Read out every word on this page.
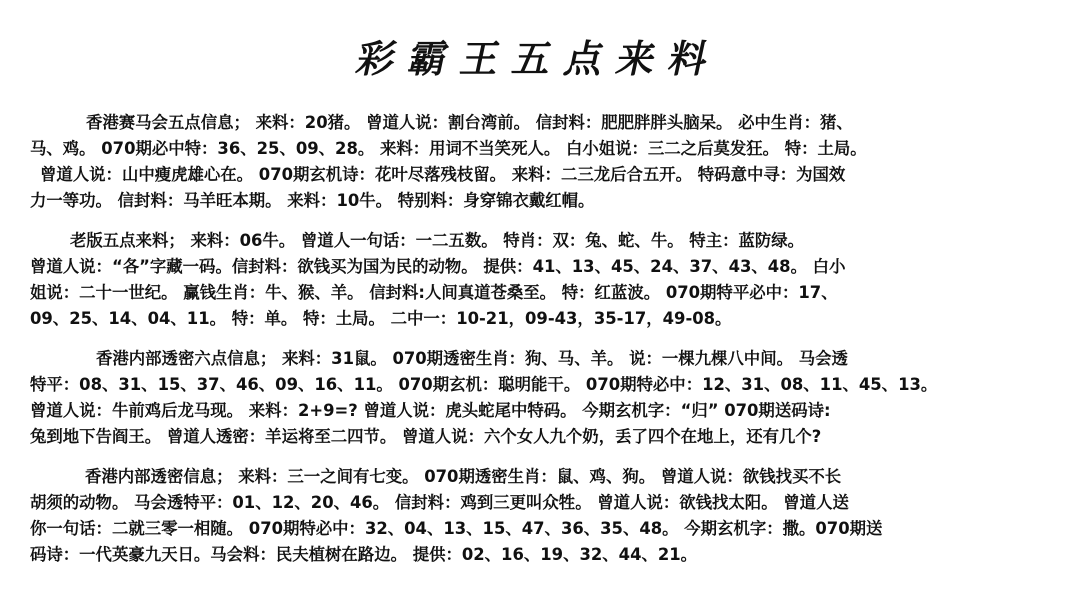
彩霸王五点来料
香港赛马会五点信息； 来料：20猪。 曾道人说：割台湾前。 信封料：肥肥胖胖头脑呆。 必中生肖：猪、
马、鸡。 070期必中特：36、25、09、28。 来料：用词不当笑死人。 白小姐说：三二之后莫发狂。 特：土局。
曾道人说：山中瘦虎雄心在。 070期玄机诗：花叶尽落残枝留。 来料：二三龙后合五开。 特码意中寻：为国效
力一等功。 信封料：马羊旺本期。 来料：10牛。 特别料：身穿锦衣戴红帽。
老版五点来料； 来料：06牛。 曾道人一句话：一二五数。 特肖：双：兔、蛇、牛。 特主：蓝防绿。
曾道人说：“各”字藏一码。信封料：欲钱买为国为民的动物。 提供：41、13、45、24、37、43、48。 白小
姐说：二十一世纪。 赢钱生肖：牛、猴、羊。 信封料:人间真道苍桑至。 特：红蓝波。 070期特平必中：17、
09、25、14、04、11。 特：单。 特：土局。 二中一：10-21，09-43，35-17，49-08。
香港内部透密六点信息； 来料：31鼠。 070期透密生肖：狗、马、羊。 说：一棵九棵八中间。 马会透
特平：08、31、15、37、46、09、16、11。 070期玄机：聪明能干。 070期特必中：12、31、08、11、45、13。
曾道人说：牛前鸡后龙马现。 来料：2+9=? 曾道人说：虎头蛇尾中特码。 今期玄机字：“归” 070期送码诗:
兔到地下告阎王。 曾道人透密：羊运将至二四节。 曾道人说：六个女人九个奶，丢了四个在地上，还有几个?
香港内部透密信息； 来料：三一之间有七变。 070期透密生肖：鼠、鸡、狗。 曾道人说：欲钱找买不长
胡须的动物。 马会透特平：01、12、20、46。 信封料：鸡到三更叫众牲。 曾道人说：欲钱找太阳。 曾道人送
你一句话：二就三零一相随。 070期特必中：32、04、13、15、47、36、35、48。 今期玄机字：撒。070期送
码诗：一代英豪九天日。马会料：民夫植树在路边。 提供：02、16、19、32、44、21。
